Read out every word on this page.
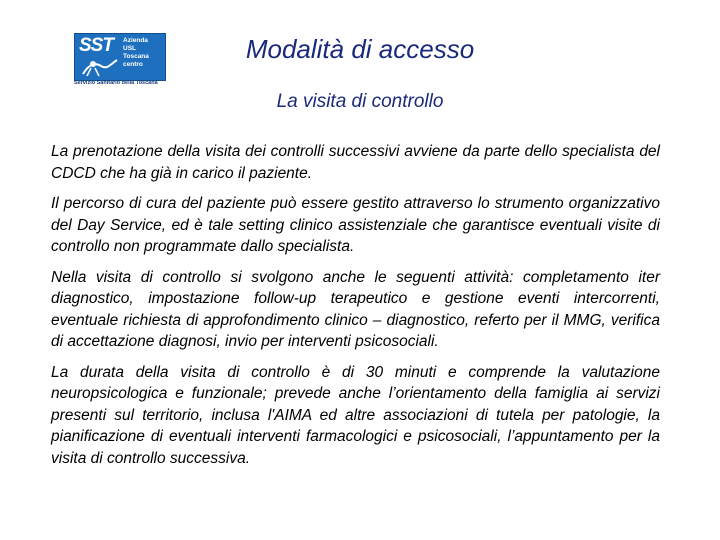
SST Azienda
USL
Toscana
centro
Servizio Sanitario della Toscana
Modalità di accesso
La visita di controllo

La prenotazione della visita dei controlli successivi avviene da parte dello specialista del CDCD che ha già in carico il paziente.

Il percorso di cura del paziente può essere gestito attraverso lo strumento organizzativo del Day Service, ed è tale setting clinico assistenziale che garantisce eventuali visite di controllo non programmate dallo specialista.

Nella visita di controllo si svolgono anche le seguenti attività: completamento iter diagnostico, impostazione follow-up terapeutico e gestione eventi intercorrenti, eventuale richiesta di approfondimento clinico – diagnostico, referto per il MMG, verifica di accettazione diagnosi, invio per interventi psicosociali.

La durata della visita di controllo è di 30 minuti e comprende la valutazione neuropsicologica e funzionale; prevede anche l’orientamento della famiglia ai servizi presenti sul territorio, inclusa l'AIMA ed altre associazioni di tutela per patologie, la pianificazione di eventuali interventi farmacologici e psicosociali, l’appuntamento per la visita di controllo successiva.
